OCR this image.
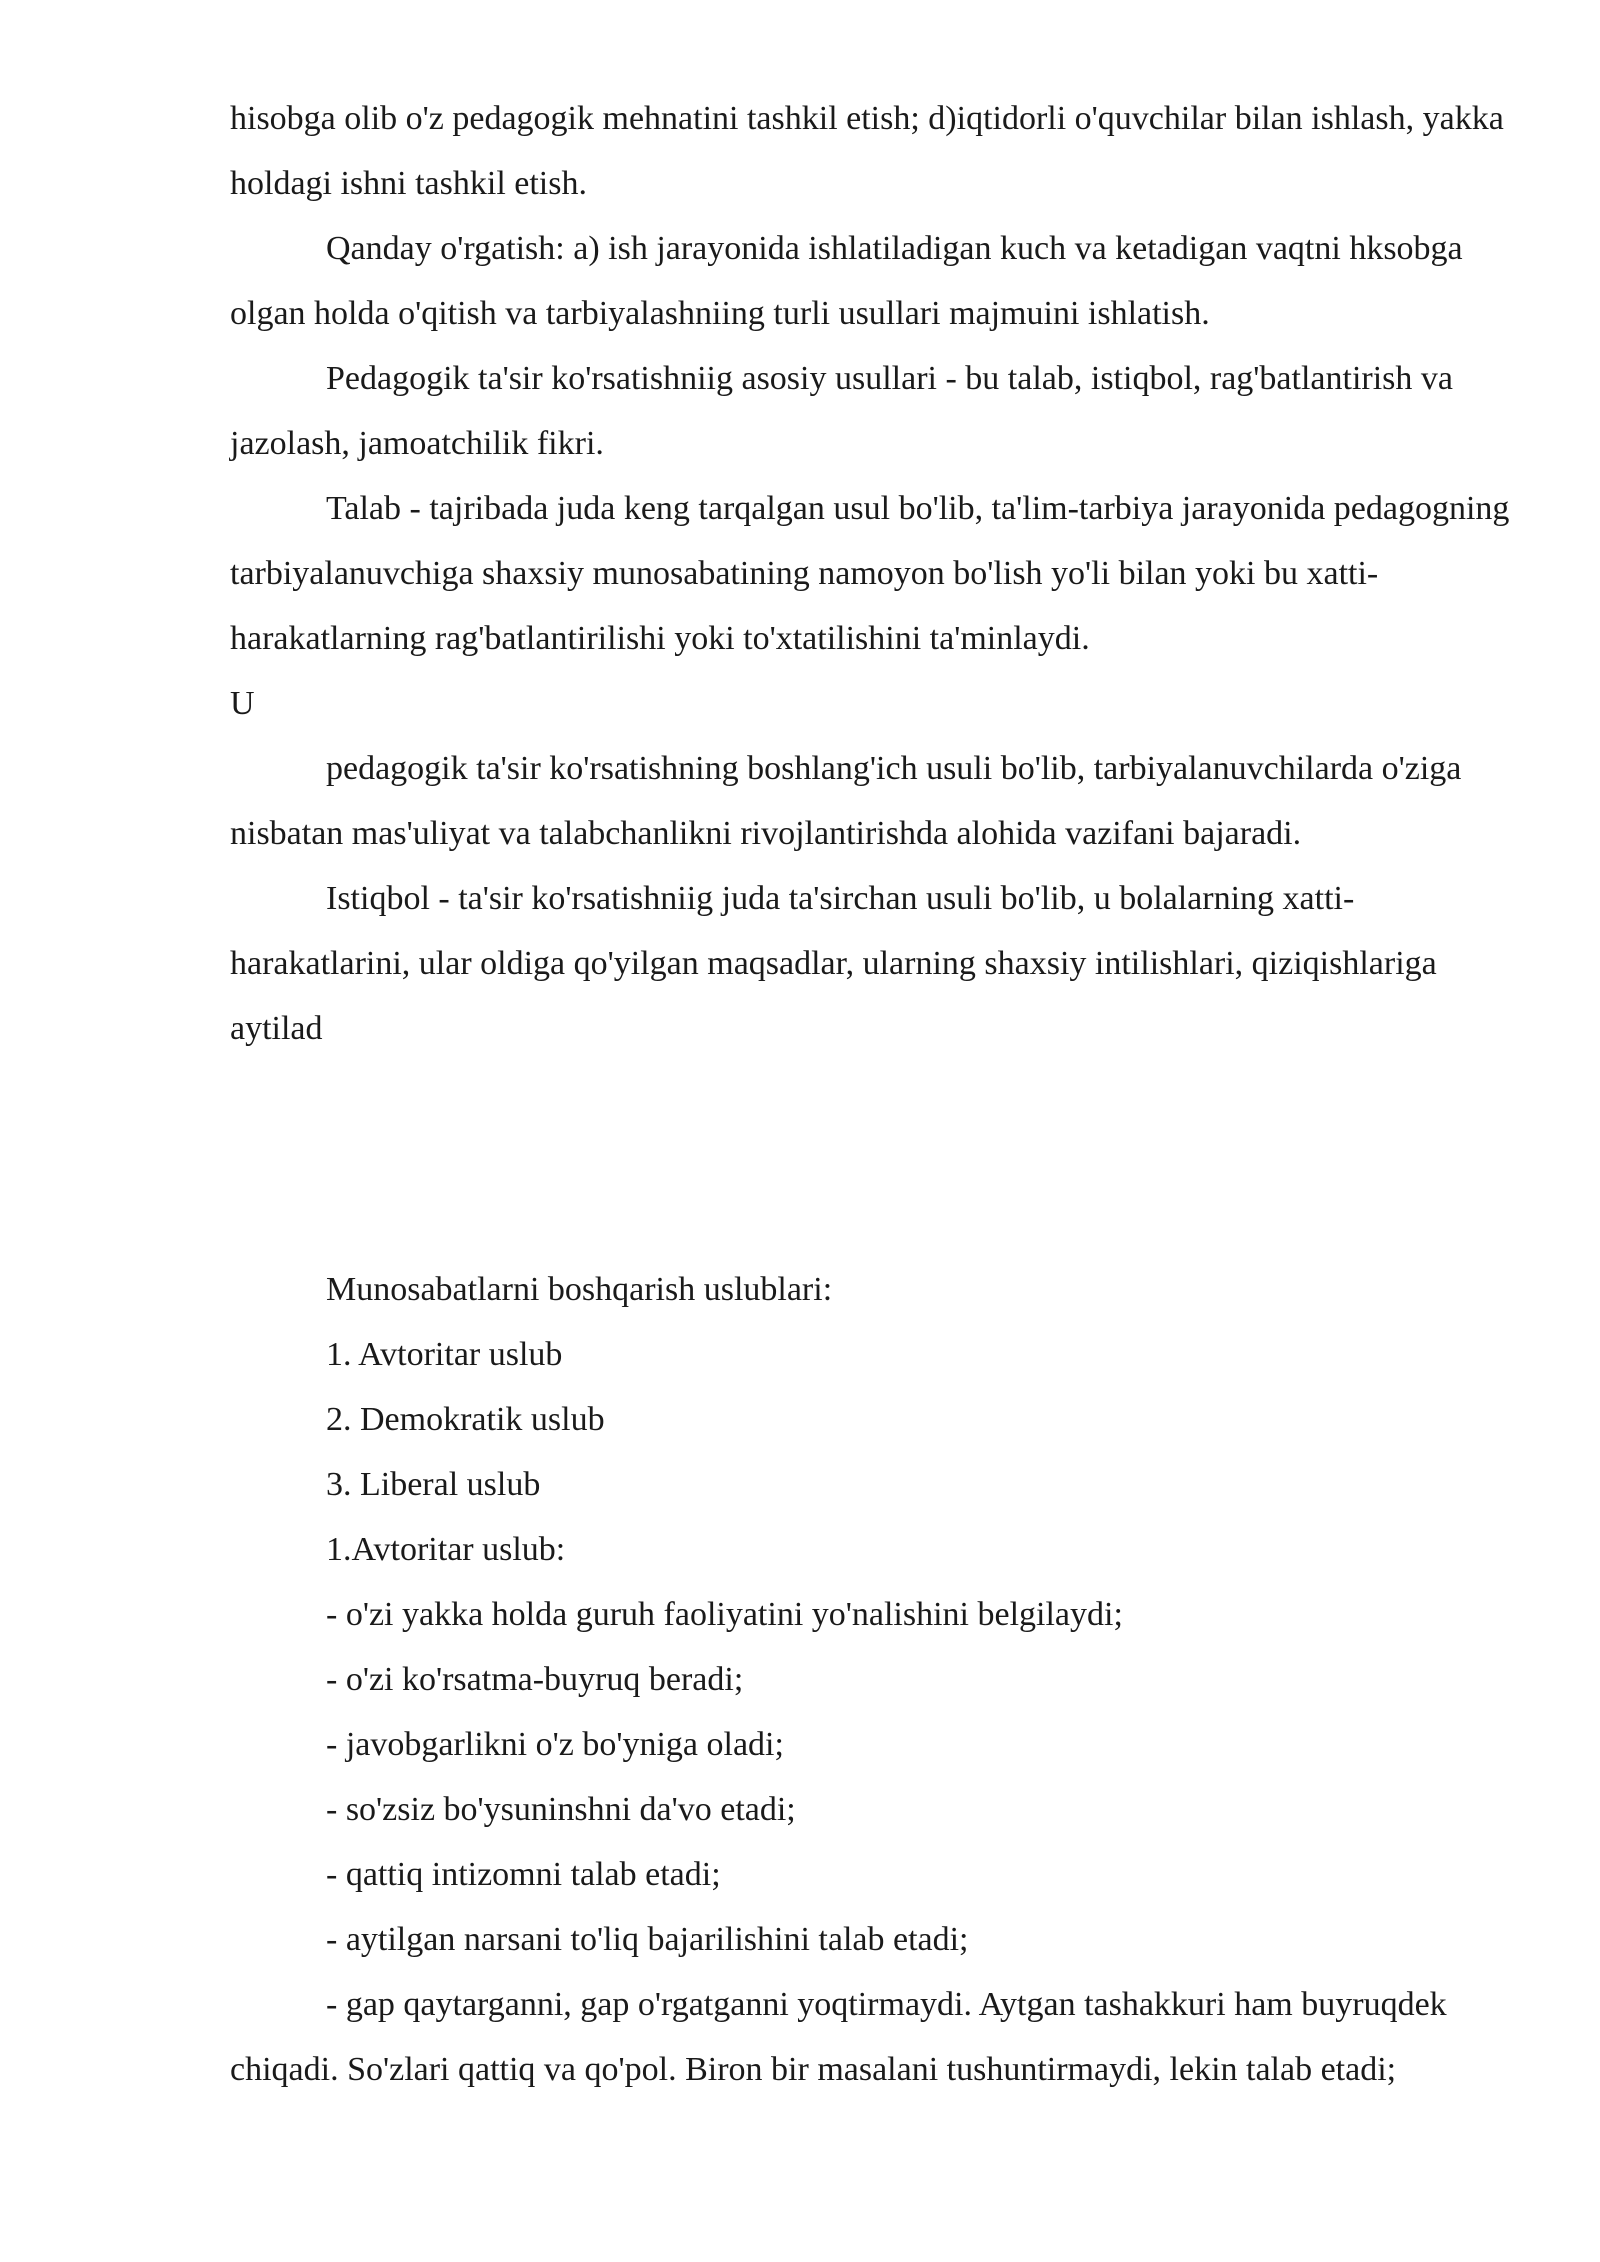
hisobga olib o'z pedagogik mehnatini tashkil etish; d)iqtidorli o'quvchilar bilan ishlash, yakka holdagi ishni tashkil etish.

Qanday o'rgatish: a) ish jarayonida ishlatiladigan kuch va ketadigan vaqtni hksobga olgan holda o'qitish va tarbiyalashniing turli usullari majmuini ishlatish.

Pedagogik ta'sir ko'rsatishniig asosiy usullari - bu talab, istiqbol, rag'batlantirish va jazolash, jamoatchilik fikri.

Talab - tajribada juda keng tarqalgan usul bo'lib, ta'lim-tarbiya jarayonida pedagogning tarbiyalanuvchiga shaxsiy munosabatining namoyon bo'lish yo'li bilan yoki bu xatti-harakatlarning rag'batlantirilishi yoki to'xtatilishini ta'minlaydi.

U

pedagogik ta'sir ko'rsatishning boshlang'ich usuli bo'lib, tarbiyalanuvchilarda o'ziga nisbatan mas'uliyat va talabchanlikni rivojlantirishda alohida vazifani bajaradi.

Istiqbol - ta'sir ko'rsatishniig juda ta'sirchan usuli bo'lib, u bolalarning xatti-harakatlarini, ular oldiga qo'yilgan maqsadlar, ularning shaxsiy intilishlari, qiziqishlariga aytilad

Munosabatlarni boshqarish uslublari:

1. Avtoritar uslub

2. Demokratik uslub

3. Liberal uslub

1.Avtoritar uslub:

- o'zi yakka holda guruh faoliyatini yo'nalishini belgilaydi;

- o'zi ko'rsatma-buyruq beradi;

- javobgarlikni o'z bo'yniga oladi;

- so'zsiz bo'ysuninshni da'vo etadi;

- qattiq intizomni talab etadi;

- aytilgan narsani to'liq bajarilishini talab etadi;

- gap qaytarganni, gap o'rgatganni yoqtirmaydi. Aytgan tashakkuri ham buyruqdek chiqadi. So'zlari qattiq va qo'pol. Biron bir masalani tushuntirmaydi, lekin talab etadi;
